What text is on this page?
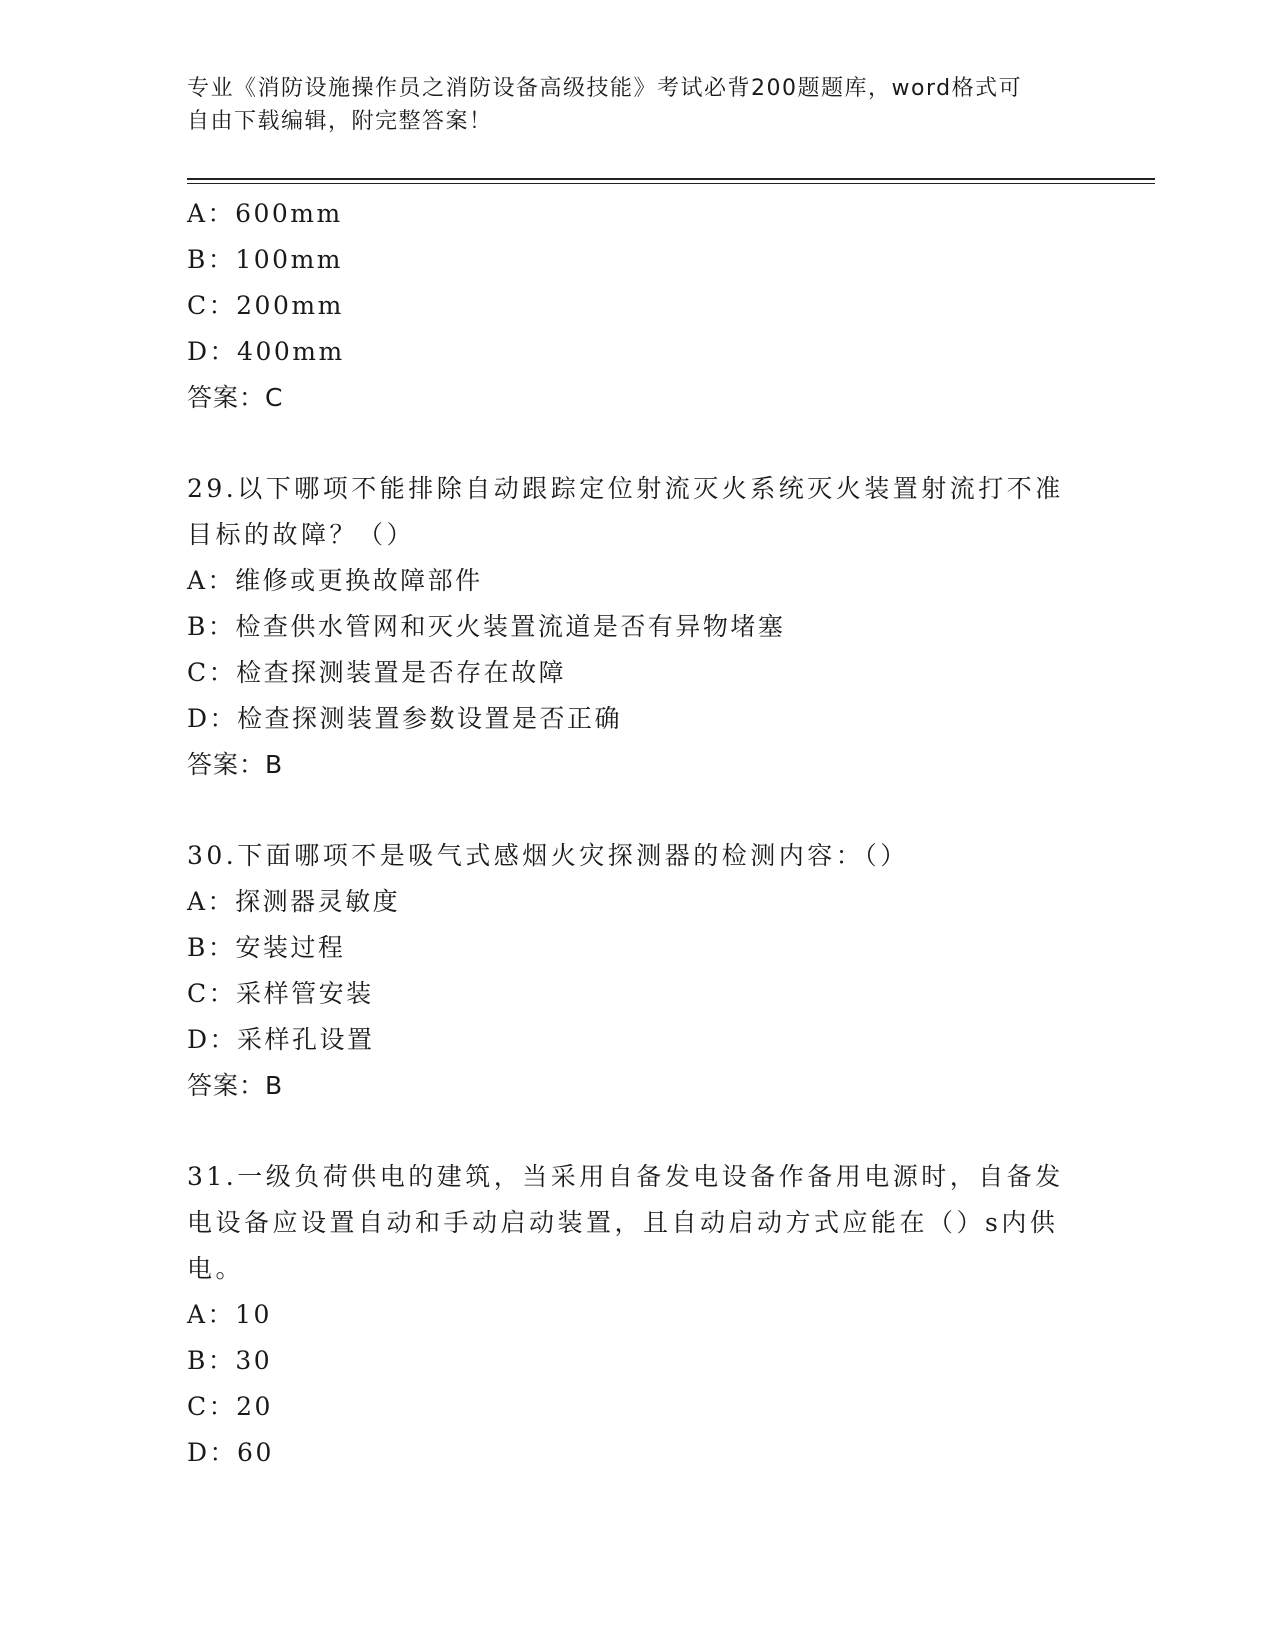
专业《消防设施操作员之消防设备高级技能》考试必背200题题库，word格式可
自由下载编辑，附完整答案！
A：600mm
B：100mm
C：200mm
D：400mm
答案：C
29.以下哪项不能排除自动跟踪定位射流灭火系统灭火装置射流打不准
目标的故障？（）
A：维修或更换故障部件
B：检查供水管网和灭火装置流道是否有异物堵塞
C：检查探测装置是否存在故障
D：检查探测装置参数设置是否正确
答案：B
30.下面哪项不是吸气式感烟火灾探测器的检测内容：（）
A：探测器灵敏度
B：安装过程
C：采样管安装
D：采样孔设置
答案：B
31.一级负荷供电的建筑，当采用自备发电设备作备用电源时，自备发
电设备应设置自动和手动启动装置，且自动启动方式应能在（）s内供
电。
A：10
B：30
C：20
D：60
